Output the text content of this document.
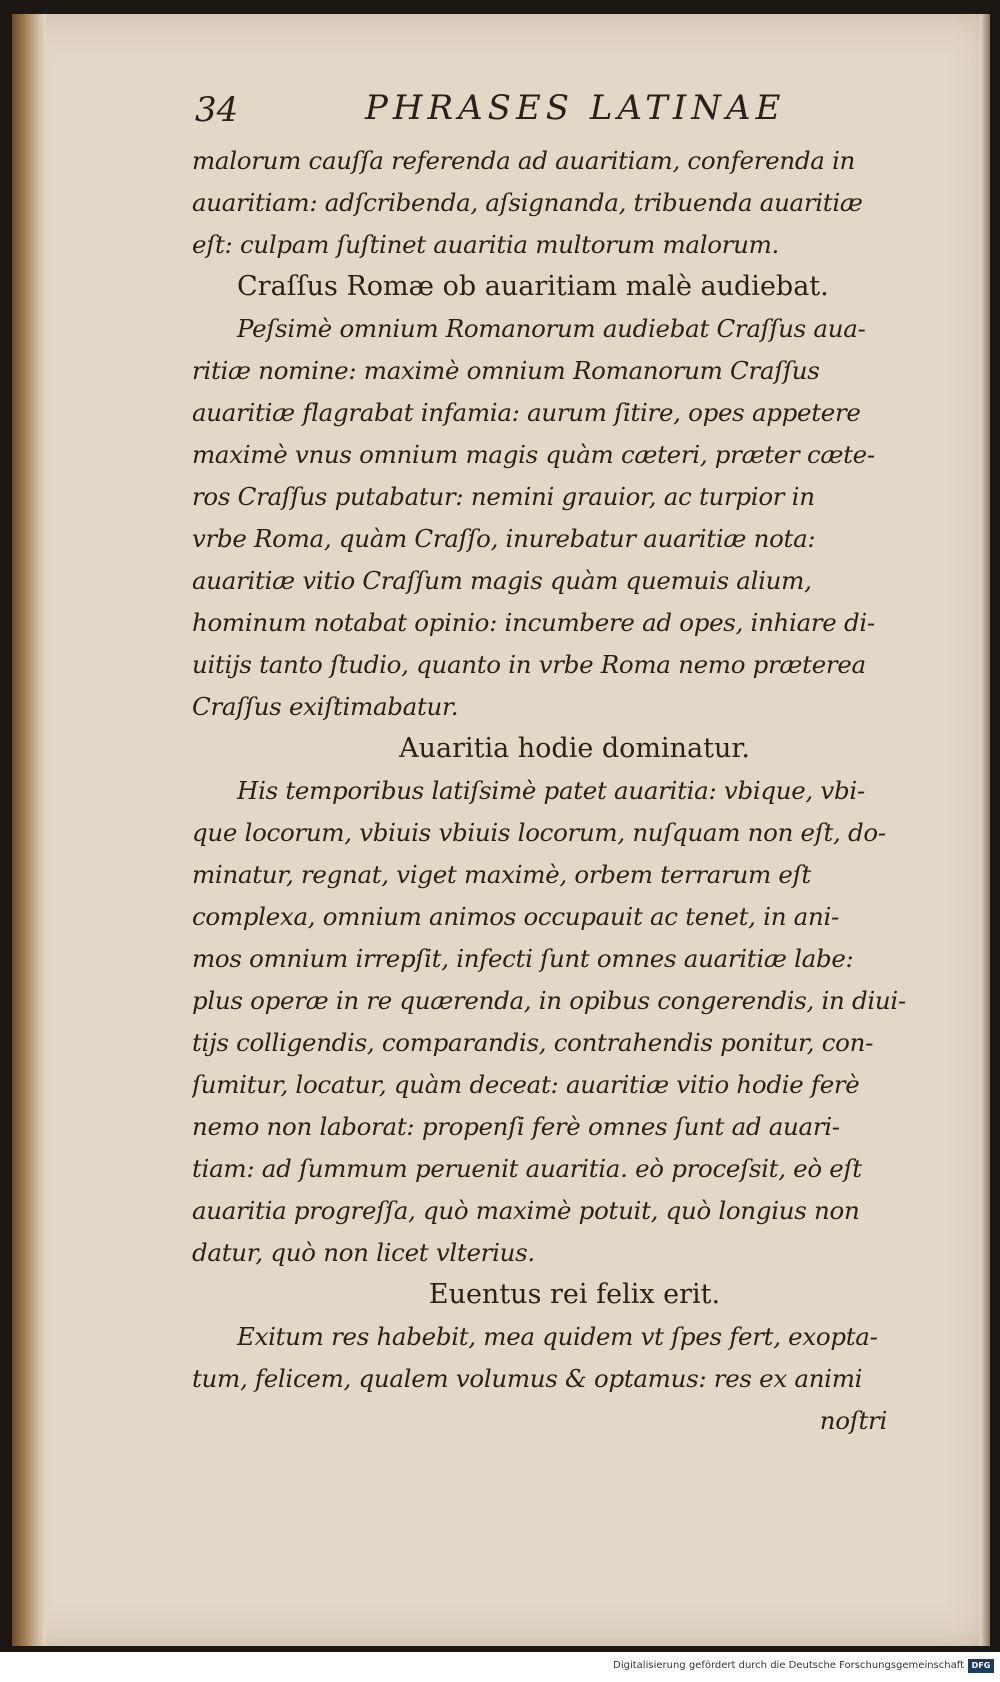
34	PHRASES LATINAE
malorum cauſſa referenda ad auaritiam, conferenda in
auaritiam: adſcribenda, aſsignanda, tribuenda auaritiæ
eſt: culpam ſuſtinet auaritia multorum malorum.
Craſſus Romæ ob auaritiam malè audiebat.
Peſsimè omnium Romanorum audiebat Craſſus aua-
ritiæ nomine: maximè omnium Romanorum Craſſus
auaritiæ flagrabat infamia: aurum ſitire, opes appetere
maximè vnus omnium magis quàm cæteri, præter cæte-
ros Craſſus putabatur: nemini grauior, ac turpior in
vrbe Roma, quàm Craſſo, inurebatur auaritiæ nota:
auaritiæ vitio Craſſum magis quàm quemuis alium,
hominum notabat opinio: incumbere ad opes, inhiare di-
uitijs tanto ſtudio, quanto in vrbe Roma nemo præterea
Craſſus exiſtimabatur.
Auaritia hodie dominatur.
His temporibus latiſsimè patet auaritia: vbique, vbi-
que locorum, vbiuis vbiuis locorum, nuſquam non eſt, do-
minatur, regnat, viget maximè, orbem terrarum eſt
complexa, omnium animos occupauit ac tenet, in ani-
mos omnium irrepſit, infecti ſunt omnes auaritiæ labe:
plus operæ in re quærenda, in opibus congerendis, in diui-
tijs colligendis, comparandis, contrahendis ponitur, con-
ſumitur, locatur, quàm deceat: auaritiæ vitio hodie ferè
nemo non laborat: propenſi ferè omnes ſunt ad auari-
tiam: ad ſummum peruenit auaritia. eò proceſsit, eò eſt
auaritia progreſſa, quò maximè potuit, quò longius non
datur, quò non licet vlterius.
Euentus rei felix erit.
Exitum res habebit, mea quidem vt ſpes fert, exopta-
tum, felicem, qualem volumus & optamus: res ex animi
noſtri
Digitalisierung gefördert durch die Deutsche Forschungsgemeinschaft DFG
